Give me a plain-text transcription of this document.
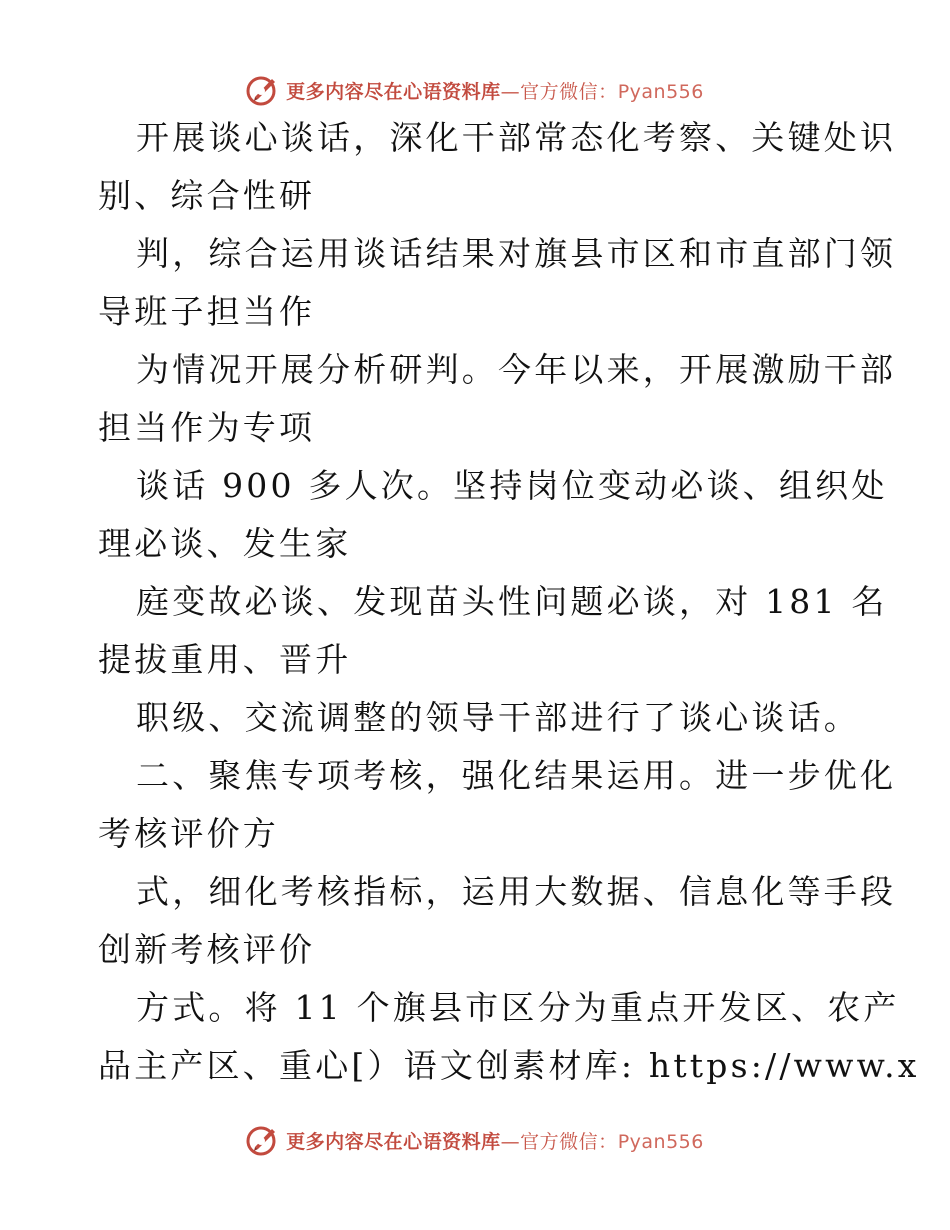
更多内容尽在心语资料库—官方微信：Pyan556
开展谈心谈话，深化干部常态化考察、关键处识
别、综合性研
判，综合运用谈话结果对旗县市区和市直部门领
导班子担当作
为情况开展分析研判。今年以来，开展激励干部
担当作为专项
谈话 900 多人次。坚持岗位变动必谈、组织处
理必谈、发生家
庭变故必谈、发现苗头性问题必谈，对 181 名
提拔重用、晋升
职级、交流调整的领导干部进行了谈心谈话。
二、聚焦专项考核，强化结果运用。进一步优化
考核评价方
式，细化考核指标，运用大数据、信息化等手段
创新考核评价
方式。将 11 个旗县市区分为重点开发区、农产
品主产区、重心[）语文创素材库: https://www.x
更多内容尽在心语资料库—官方微信：Pyan556
